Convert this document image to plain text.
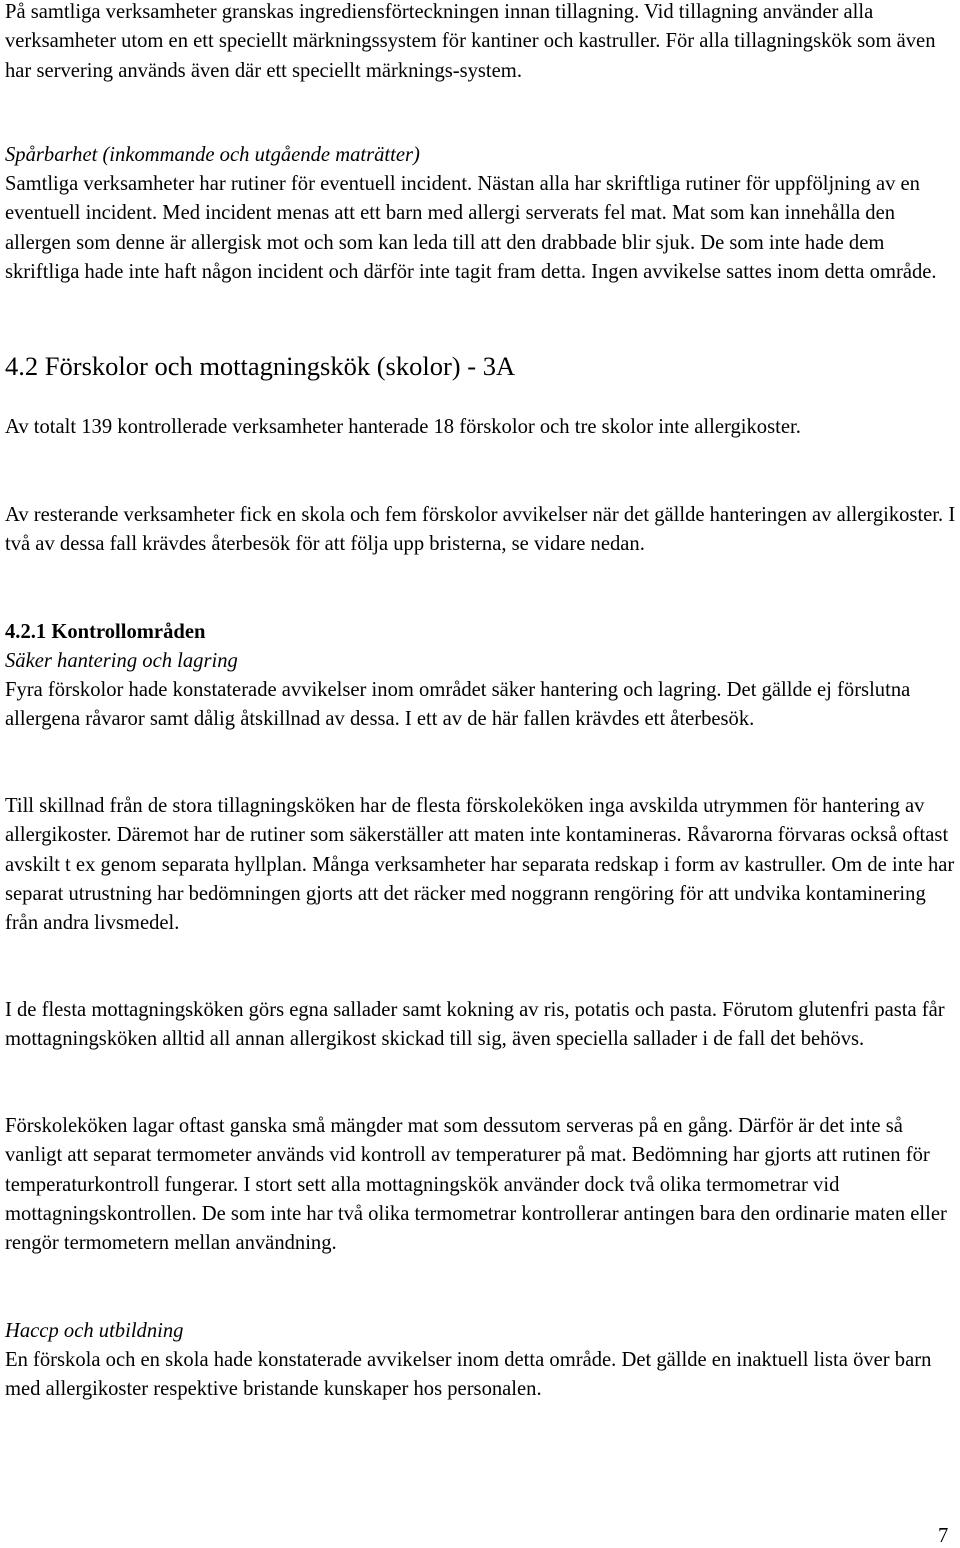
På samtliga verksamheter granskas ingrediensförteckningen innan tillagning. Vid tillagning använder alla verksamheter utom en ett speciellt märkningssystem för kantiner och kastruller. För alla tillagningskök som även har servering används även där ett speciellt märknings-system.

Spårbarhet (inkommande och utgående maträtter)

Samtliga verksamheter har rutiner för eventuell incident. Nästan alla har skriftliga rutiner för uppföljning av en eventuell incident. Med incident menas att ett barn med allergi serverats fel mat. Mat som kan innehålla den allergen som denne är allergisk mot och som kan leda till att den drabbade blir sjuk. De som inte hade dem skriftliga hade inte haft någon incident och därför inte tagit fram detta. Ingen avvikelse sattes inom detta område.

4.2 Förskolor och mottagningskök (skolor) - 3A

Av totalt 139 kontrollerade verksamheter hanterade 18 förskolor och tre skolor inte allergikoster.

Av resterande verksamheter fick en skola och fem förskolor avvikelser när det gällde hanteringen av allergikoster. I två av dessa fall krävdes återbesök för att följa upp bristerna, se vidare nedan.

4.2.1 Kontrollområden

Säker hantering och lagring

Fyra förskolor hade konstaterade avvikelser inom området säker hantering och lagring. Det gällde ej förslutna allergena råvaror samt dålig åtskillnad av dessa. I ett av de här fallen krävdes ett återbesök.

Till skillnad från de stora tillagningsköken har de flesta förskoleköken inga avskilda utrymmen för hantering av allergikoster. Däremot har de rutiner som säkerställer att maten inte kontamineras. Råvarorna förvaras också oftast avskilt t ex genom separata hyllplan. Många verksamheter har separata redskap i form av kastruller. Om de inte har separat utrustning har bedömningen gjorts att det räcker med noggrann rengöring för att undvika kontaminering från andra livsmedel.

I de flesta mottagningsköken görs egna sallader samt kokning av ris, potatis och pasta. Förutom glutenfri pasta får mottagningsköken alltid all annan allergikost skickad till sig, även speciella sallader i de fall det behövs.

Förskoleköken lagar oftast ganska små mängder mat som dessutom serveras på en gång. Därför är det inte så vanligt att separat termometer används vid kontroll av temperaturer på mat. Bedömning har gjorts att rutinen för temperaturkontroll fungerar. I stort sett alla mottagningskök använder dock två olika termometrar vid mottagningskontrollen. De som inte har två olika termometrar kontrollerar antingen bara den ordinarie maten eller rengör termometern mellan användning.

Haccp och utbildning

En förskola och en skola hade konstaterade avvikelser inom detta område. Det gällde en inaktuell lista över barn med allergikoster respektive bristande kunskaper hos personalen.

7
